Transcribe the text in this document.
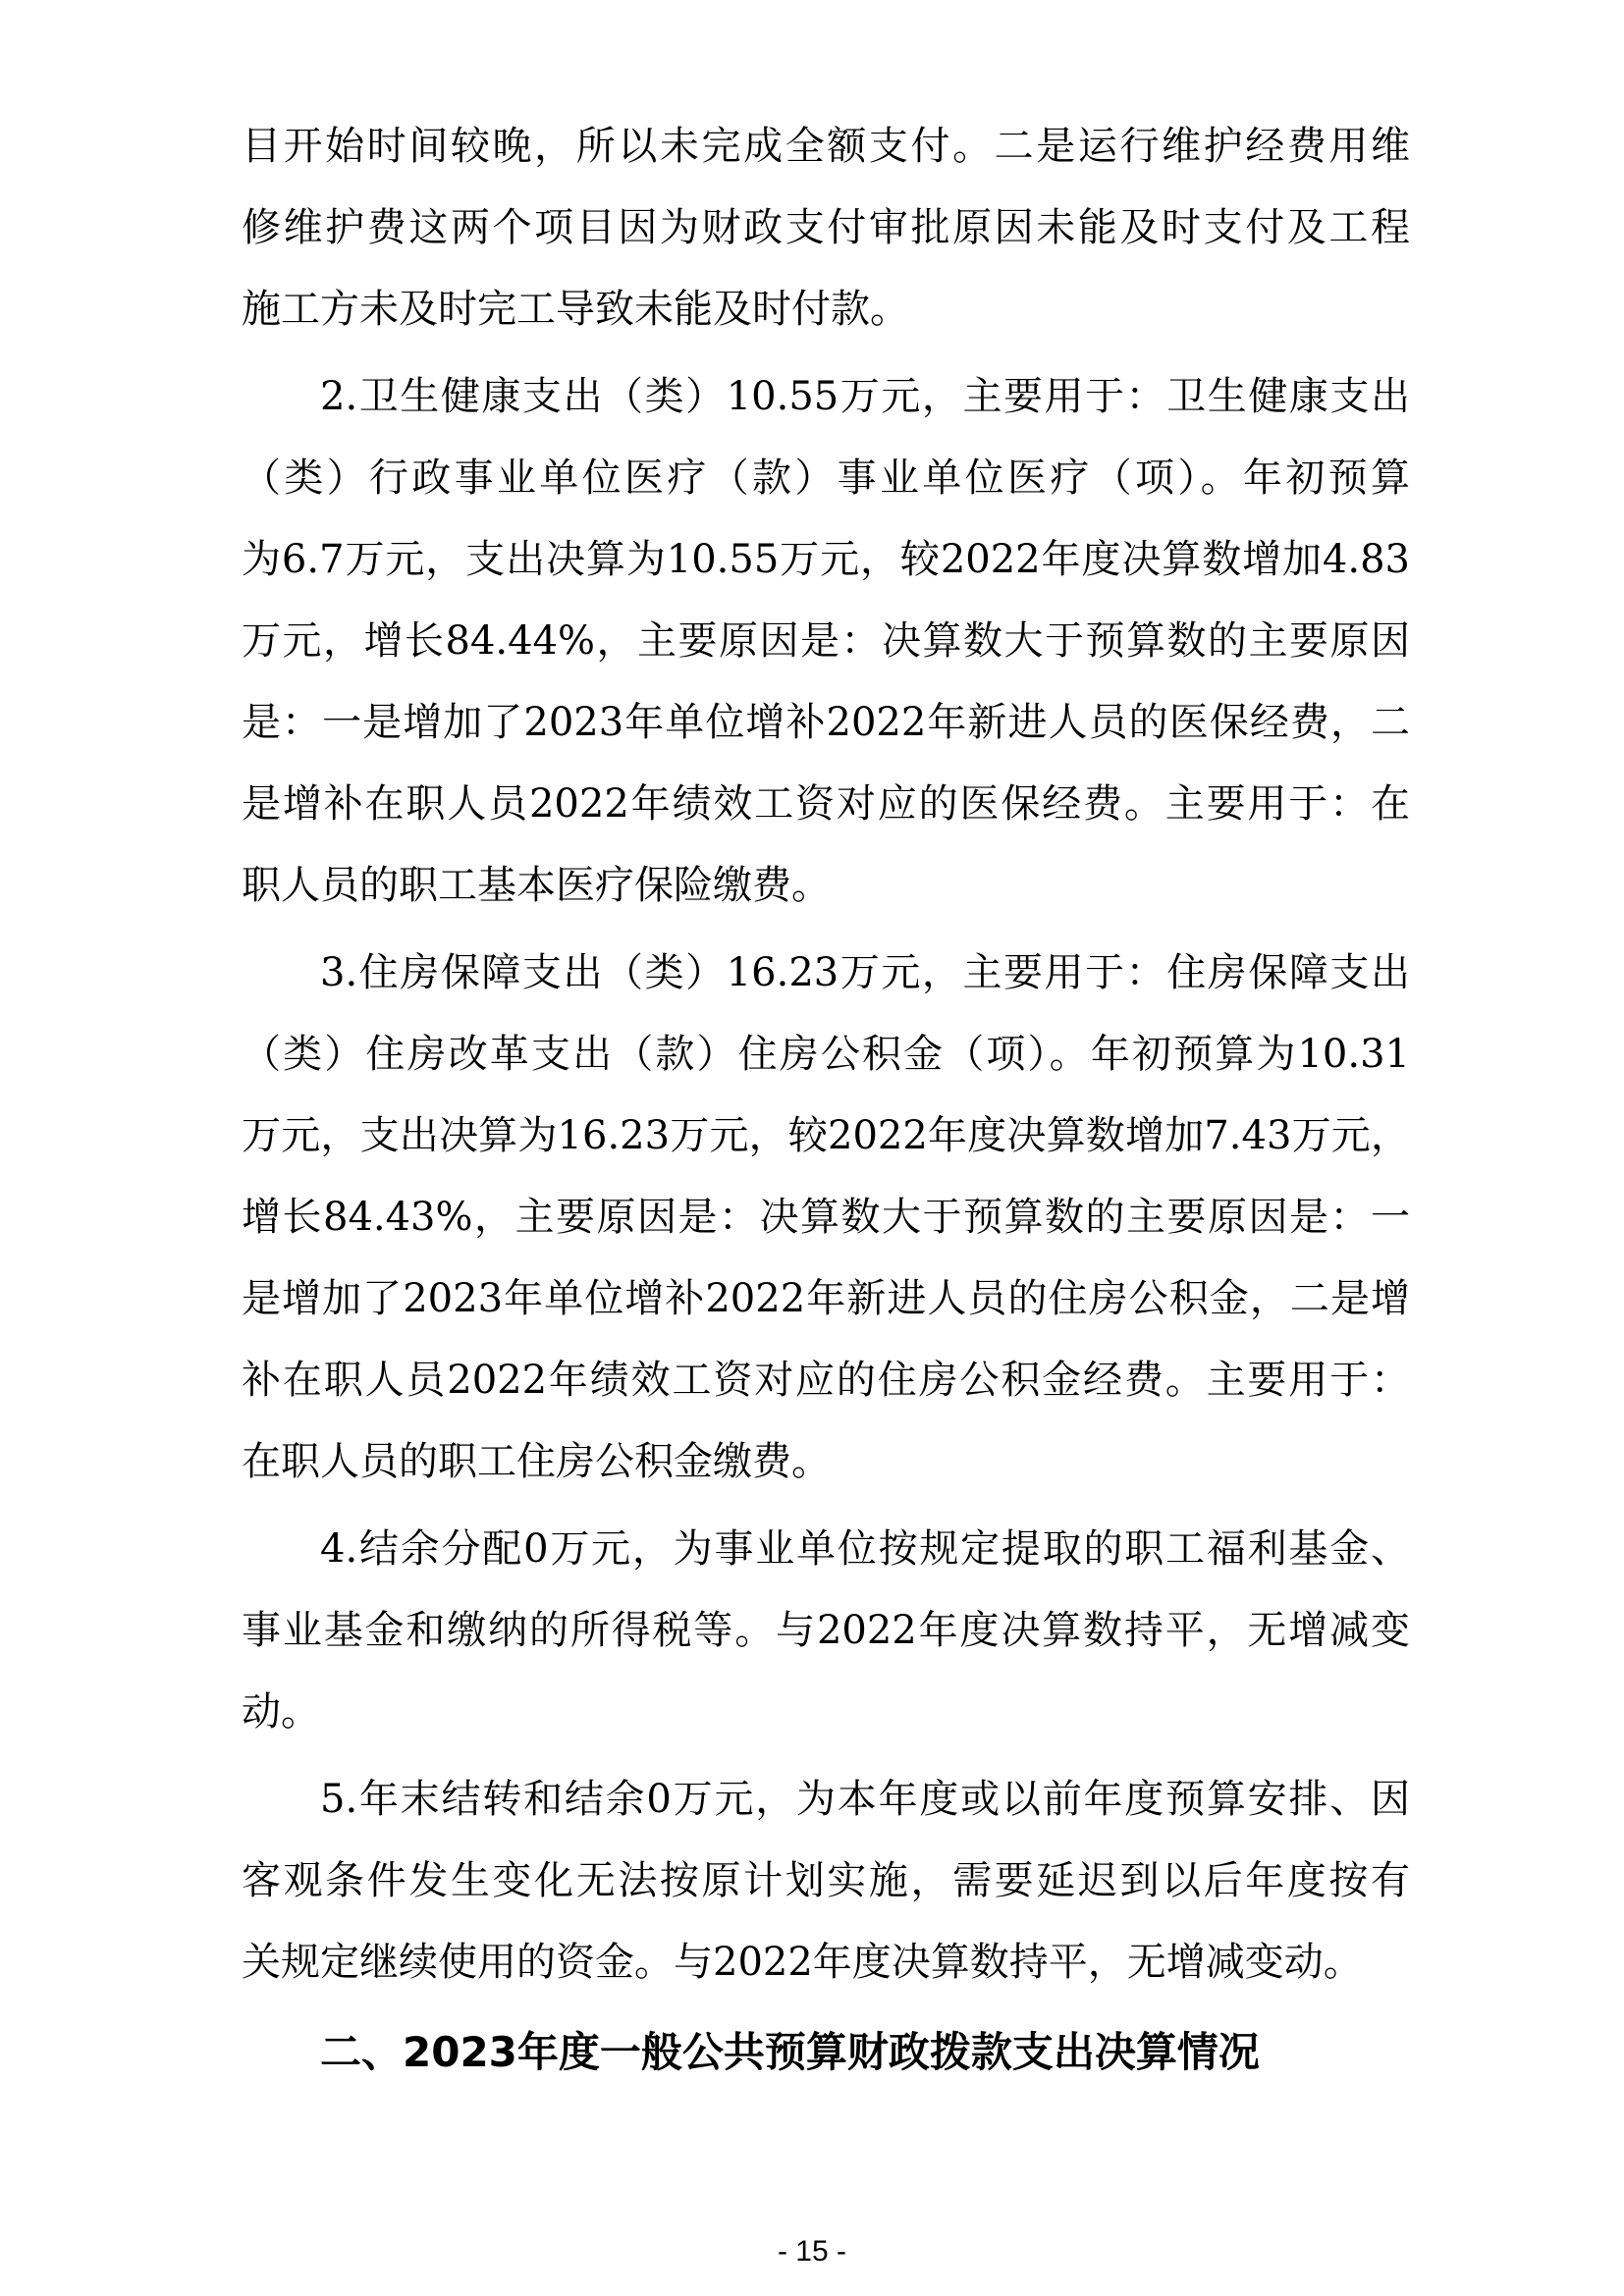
目开始时间较晚，所以未完成全额支付。二是运行维护经费用维
修维护费这两个项目因为财政支付审批原因未能及时支付及工程
施工方未及时完工导致未能及时付款。
2.卫生健康支出（类）10.55万元，主要用于：卫生健康支出
（类）行政事业单位医疗（款）事业单位医疗（项）。年初预算
为6.7万元，支出决算为10.55万元，较2022年度决算数增加4.83
万元，增长84.44%，主要原因是：决算数大于预算数的主要原因
是：一是增加了2023年单位增补2022年新进人员的医保经费，二
是增补在职人员2022年绩效工资对应的医保经费。主要用于：在
职人员的职工基本医疗保险缴费。
3.住房保障支出（类）16.23万元，主要用于：住房保障支出
（类）住房改革支出（款）住房公积金（项）。年初预算为10.31
万元，支出决算为16.23万元，较2022年度决算数增加7.43万元，
增长84.43%，主要原因是：决算数大于预算数的主要原因是：一
是增加了2023年单位增补2022年新进人员的住房公积金，二是增
补在职人员2022年绩效工资对应的住房公积金经费。主要用于：
在职人员的职工住房公积金缴费。
4.结余分配0万元，为事业单位按规定提取的职工福利基金、
事业基金和缴纳的所得税等。与2022年度决算数持平，无增减变
动。
5.年末结转和结余0万元，为本年度或以前年度预算安排、因
客观条件发生变化无法按原计划实施，需要延迟到以后年度按有
关规定继续使用的资金。与2022年度决算数持平，无增减变动。
二、2023年度一般公共预算财政拨款支出决算情况
- 15 -
